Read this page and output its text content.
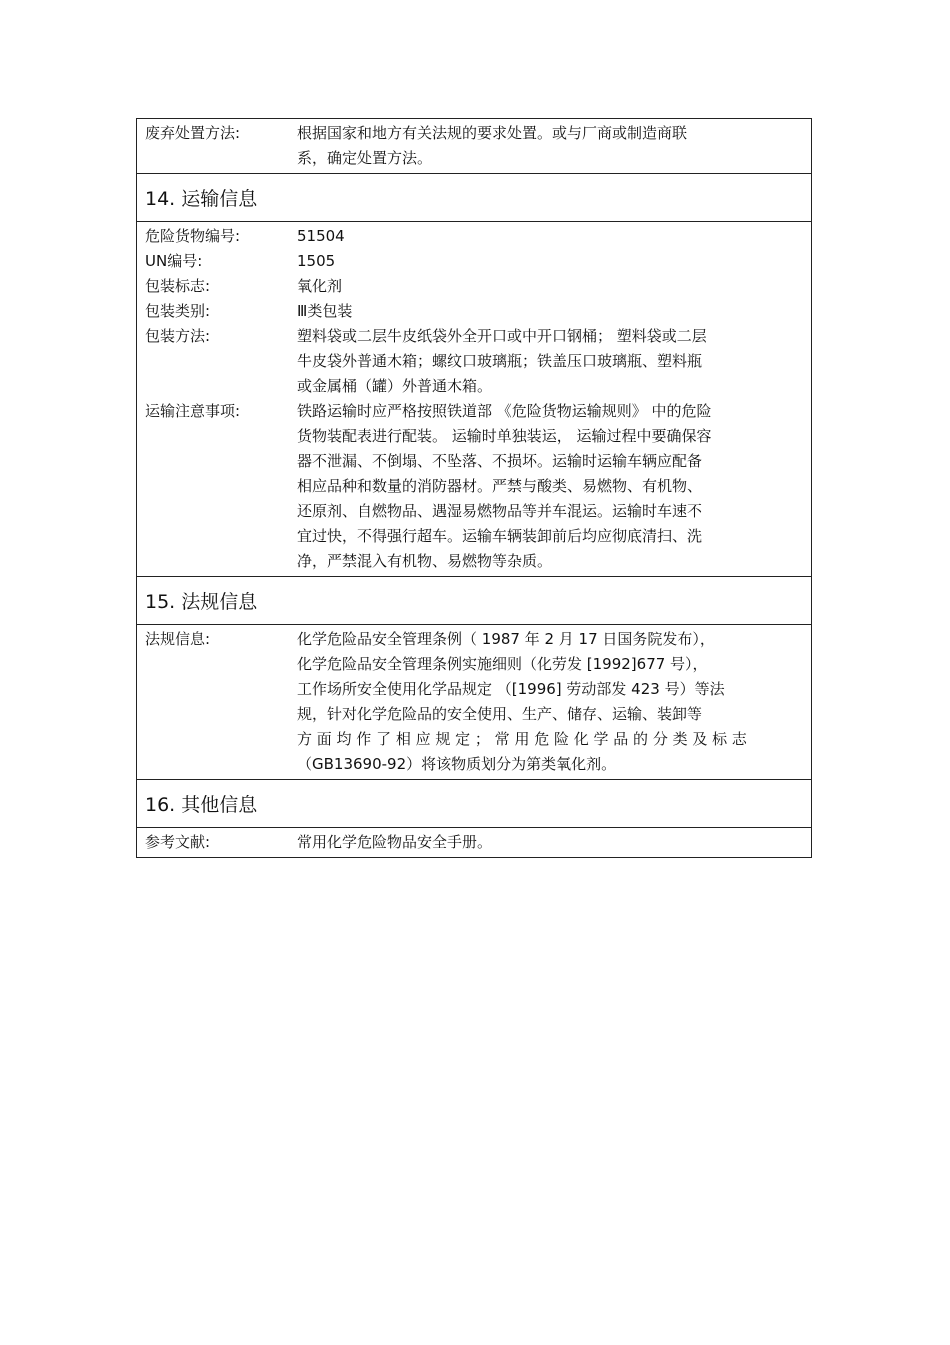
废弃处置方法:	根据国家和地方有关法规的要求处置。或与厂商或制造商联
系，确定处置方法。
14. 运输信息
危险货物编号:	51504
UN编号:	1505
包装标志:	氧化剂
包装类别:	Ⅲ类包装
包装方法:	塑料袋或二层牛皮纸袋外全开口或中开口钢桶； 塑料袋或二层
牛皮袋外普通木箱；螺纹口玻璃瓶；铁盖压口玻璃瓶、塑料瓶
或金属桶（罐）外普通木箱。
运输注意事项:	铁路运输时应严格按照铁道部 《危险货物运输规则》 中的危险
货物装配表进行配装。 运输时单独装运， 运输过程中要确保容
器不泄漏、不倒塌、不坠落、不损坏。运输时运输车辆应配备
相应品种和数量的消防器材。严禁与酸类、易燃物、有机物、
还原剂、自燃物品、遇湿易燃物品等并车混运。运输时车速不
宜过快，不得强行超车。运输车辆装卸前后均应彻底清扫、洗
净，严禁混入有机物、易燃物等杂质。
15. 法规信息
法规信息:	化学危险品安全管理条例（ 1987 年 2 月 17 日国务院发布），
化学危险品安全管理条例实施细则（化劳发 [1992]677 号），
工作场所安全使用化学品规定 （[1996] 劳动部发 423 号）等法
规，针对化学危险品的安全使用、生产、储存、运输、装卸等
方 面 均 作 了 相 应 规 定 ； 常 用 危 险 化 学 品 的 分 类 及 标 志
（GB13690-92）将该物质划分为第类氧化剂。
16. 其他信息
参考文献:	常用化学危险物品安全手册。
